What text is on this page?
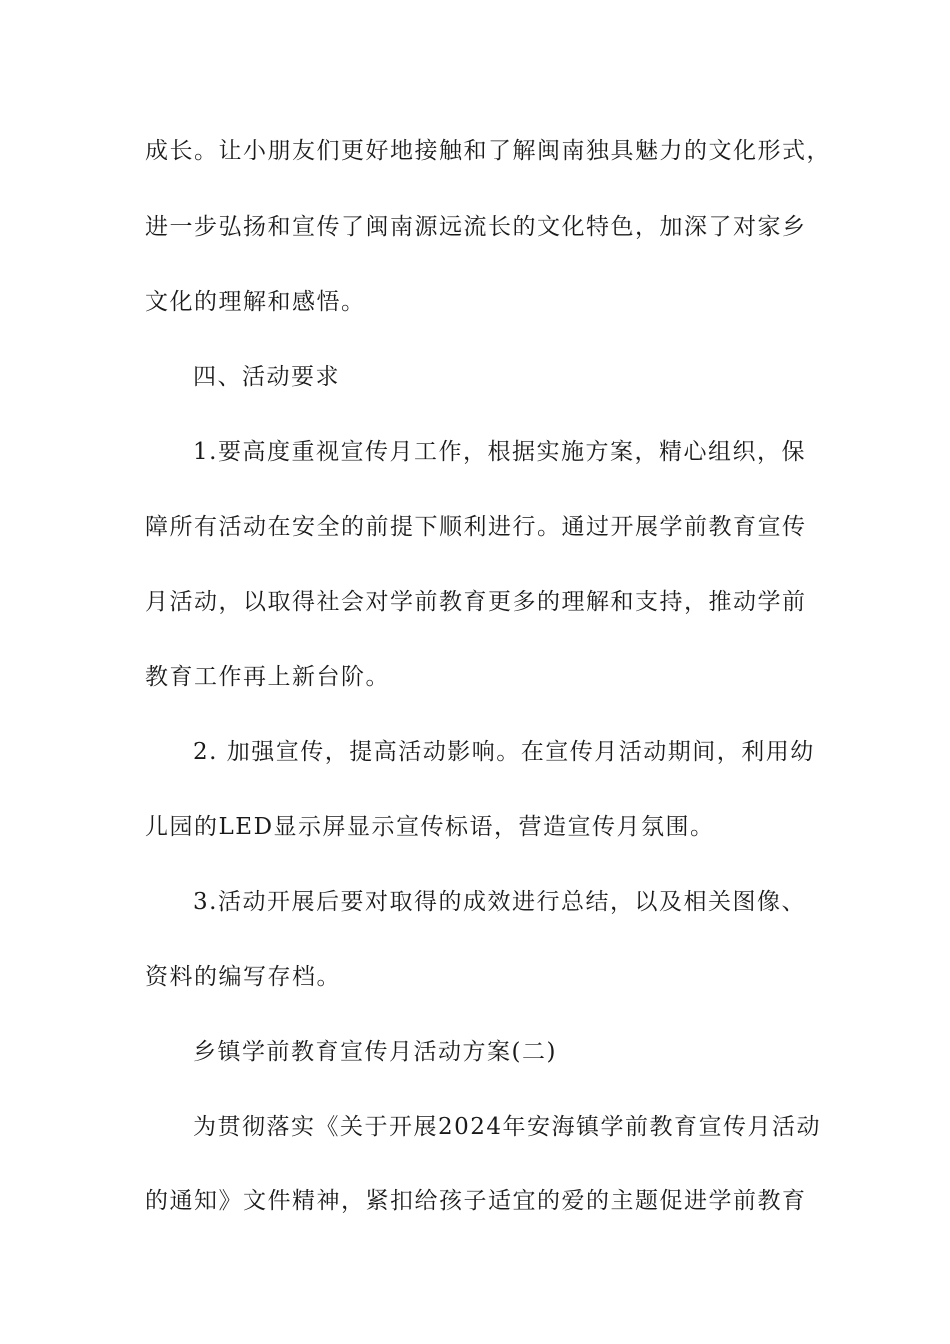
成长。让小朋友们更好地接触和了解闽南独具魅力的文化形式，
进一步弘扬和宣传了闽南源远流长的文化特色，加深了对家乡
文化的理解和感悟。
四、活动要求
1.要高度重视宣传月工作，根据实施方案，精心组织，保
障所有活动在安全的前提下顺利进行。通过开展学前教育宣传
月活动，以取得社会对学前教育更多的理解和支持，推动学前
教育工作再上新台阶。
2. 加强宣传，提高活动影响。在宣传月活动期间，利用幼
儿园的LED显示屏显示宣传标语，营造宣传月氛围。
3.活动开展后要对取得的成效进行总结，以及相关图像、
资料的编写存档。
乡镇学前教育宣传月活动方案(二)
为贯彻落实《关于开展2024年安海镇学前教育宣传月活动
的通知》文件精神，紧扣给孩子适宜的爱的主题促进学前教育
